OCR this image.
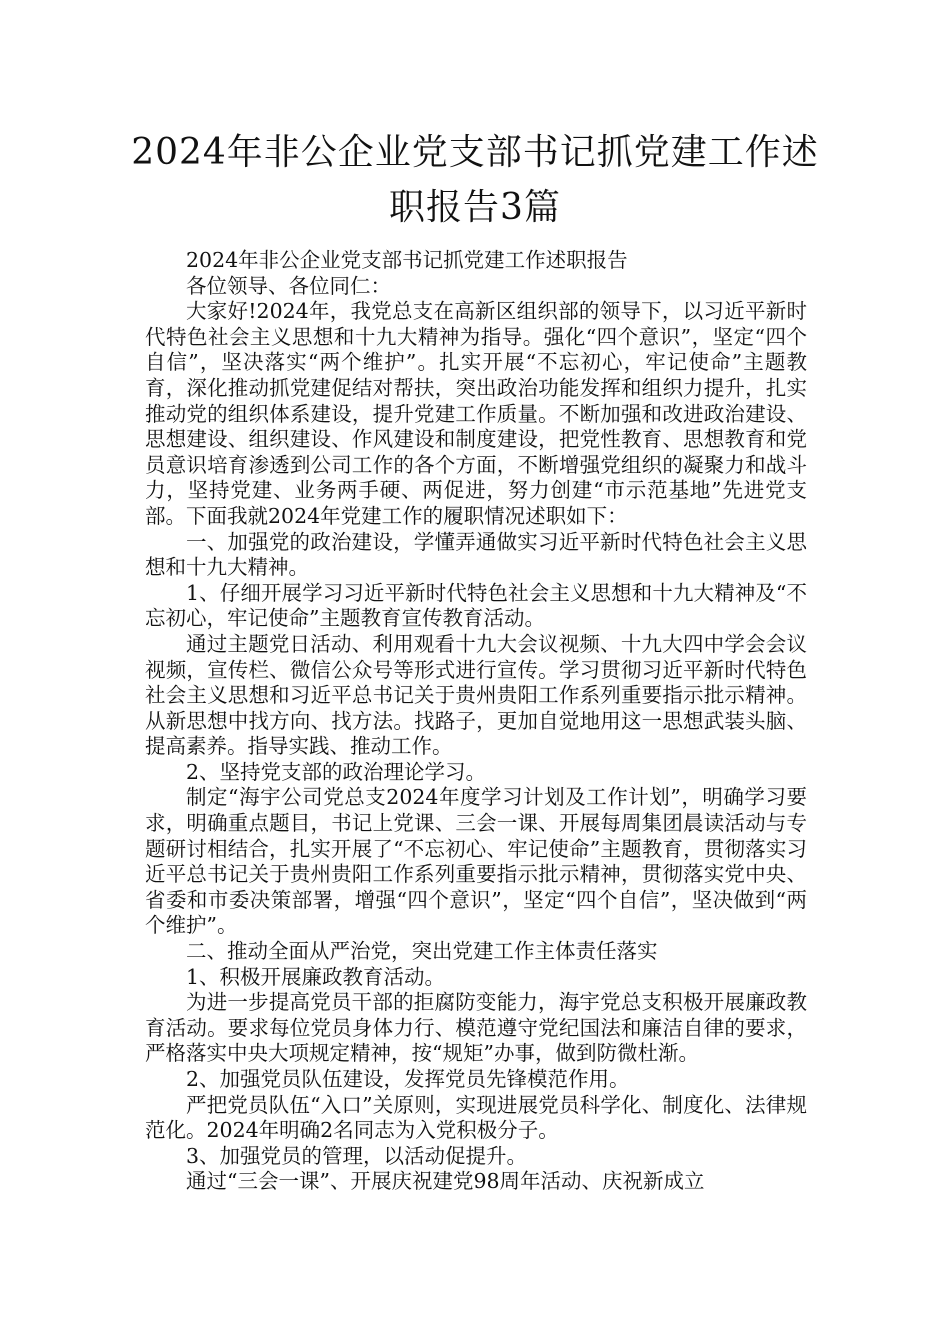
2024年非公企业党支部书记抓党建工作述
职报告3篇

2024年非公企业党支部书记抓党建工作述职报告

各位领导、各位同仁：

大家好!2024年，我党总支在高新区组织部的领导下，以习近平新时代特色社会主义思想和十九大精神为指导。强化“四个意识”，坚定“四个自信”，坚决落实“两个维护”。扎实开展“不忘初心，牢记使命”主题教育，深化推动抓党建促结对帮扶，突出政治功能发挥和组织力提升，扎实推动党的组织体系建设，提升党建工作质量。不断加强和改进政治建设、思想建设、组织建设、作风建设和制度建设，把党性教育、思想教育和党员意识培育渗透到公司工作的各个方面，不断增强党组织的凝聚力和战斗力，坚持党建、业务两手硬、两促进，努力创建“市示范基地”先进党支部。下面我就2024年党建工作的履职情况述职如下：

一、加强党的政治建设，学懂弄通做实习近平新时代特色社会主义思想和十九大精神。

1、仔细开展学习习近平新时代特色社会主义思想和十九大精神及“不忘初心，牢记使命”主题教育宣传教育活动。

通过主题党日活动、利用观看十九大会议视频、十九大四中学会会议视频，宣传栏、微信公众号等形式进行宣传。学习贯彻习近平新时代特色社会主义思想和习近平总书记关于贵州贵阳工作系列重要指示批示精神。从新思想中找方向、找方法。找路子，更加自觉地用这一思想武装头脑、提高素养。指导实践、推动工作。

2、坚持党支部的政治理论学习。

制定“海宇公司党总支2024年度学习计划及工作计划”，明确学习要求，明确重点题目，书记上党课、三会一课、开展每周集团晨读活动与专题研讨相结合，扎实开展了“不忘初心、牢记使命”主题教育，贯彻落实习近平总书记关于贵州贵阳工作系列重要指示批示精神，贯彻落实党中央、省委和市委决策部署，增强“四个意识”，坚定“四个自信”，坚决做到“两个维护”。

二、推动全面从严治党，突出党建工作主体责任落实

1、积极开展廉政教育活动。

为进一步提高党员干部的拒腐防变能力，海宇党总支积极开展廉政教育活动。要求每位党员身体力行、模范遵守党纪国法和廉洁自律的要求，严格落实中央大项规定精神，按“规矩”办事，做到防微杜渐。

2、加强党员队伍建设，发挥党员先锋模范作用。

严把党员队伍“入口”关原则，实现进展党员科学化、制度化、法律规范化。2024年明确2名同志为入党积极分子。

3、加强党员的管理，以活动促提升。

通过“三会一课”、开展庆祝建党98周年活动、庆祝新成立
